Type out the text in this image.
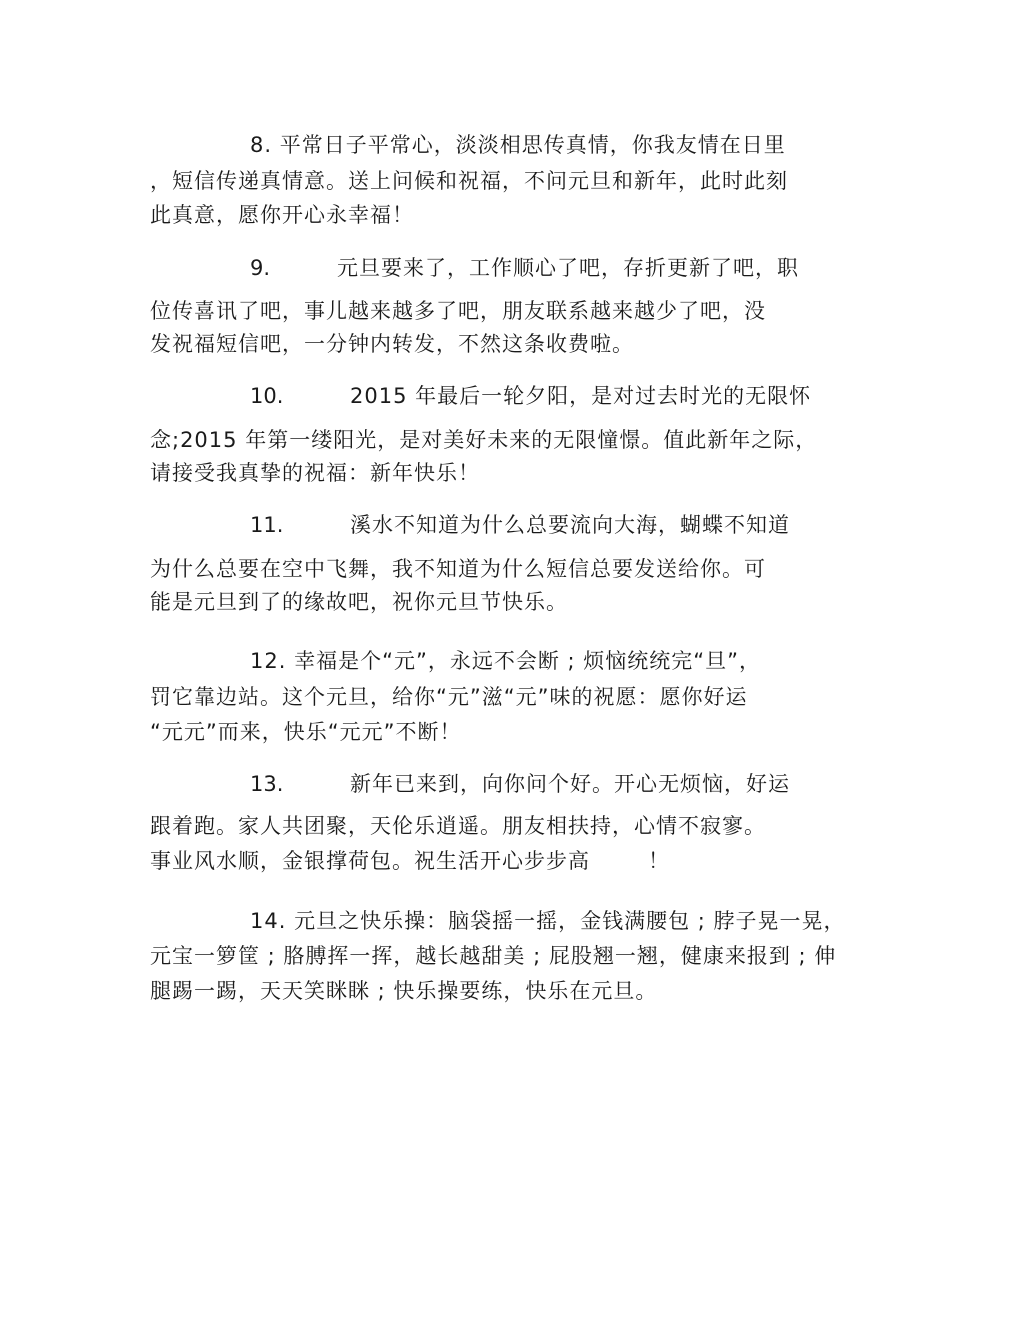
8. 平常日子平常心，淡淡相思传真情，你我友情在日里
，短信传递真情意。送上问候和祝福，不问元旦和新年，此时此刻
此真意，愿你开心永幸福！
9.	元旦要来了，工作顺心了吧，存折更新了吧，职
位传喜讯了吧，事儿越来越多了吧，朋友联系越来越少了吧，没
发祝福短信吧，一分钟内转发，不然这条收费啦。
10.	2015 年最后一轮夕阳，是对过去时光的无限怀
念;2015 年第一缕阳光，是对美好未来的无限憧憬。值此新年之际，
请接受我真挚的祝福：新年快乐！
11.	溪水不知道为什么总要流向大海，蝴蝶不知道
为什么总要在空中飞舞，我不知道为什么短信总要发送给你。可
能是元旦到了的缘故吧，祝你元旦节快乐。
12. 幸福是个“元”，永远不会断 ; 烦恼统统完“旦”，
罚它靠边站。这个元旦，给你“元”滋“元”味的祝愿：愿你好运
“元元”而来，快乐“元元”不断！
13.	新年已来到，向你问个好。开心无烦恼，好运
跟着跑。家人共团聚，天伦乐逍遥。朋友相扶持，心情不寂寥。
事业风水顺，金银撑荷包。祝生活开心步步高	！
14. 元旦之快乐操：脑袋摇一摇，金钱满腰包 ; 脖子晃一晃，
元宝一箩筐 ; 胳膊挥一挥，越长越甜美 ; 屁股翘一翘，健康来报到 ; 伸
腿踢一踢，天天笑眯眯 ; 快乐操要练，快乐在元旦。
